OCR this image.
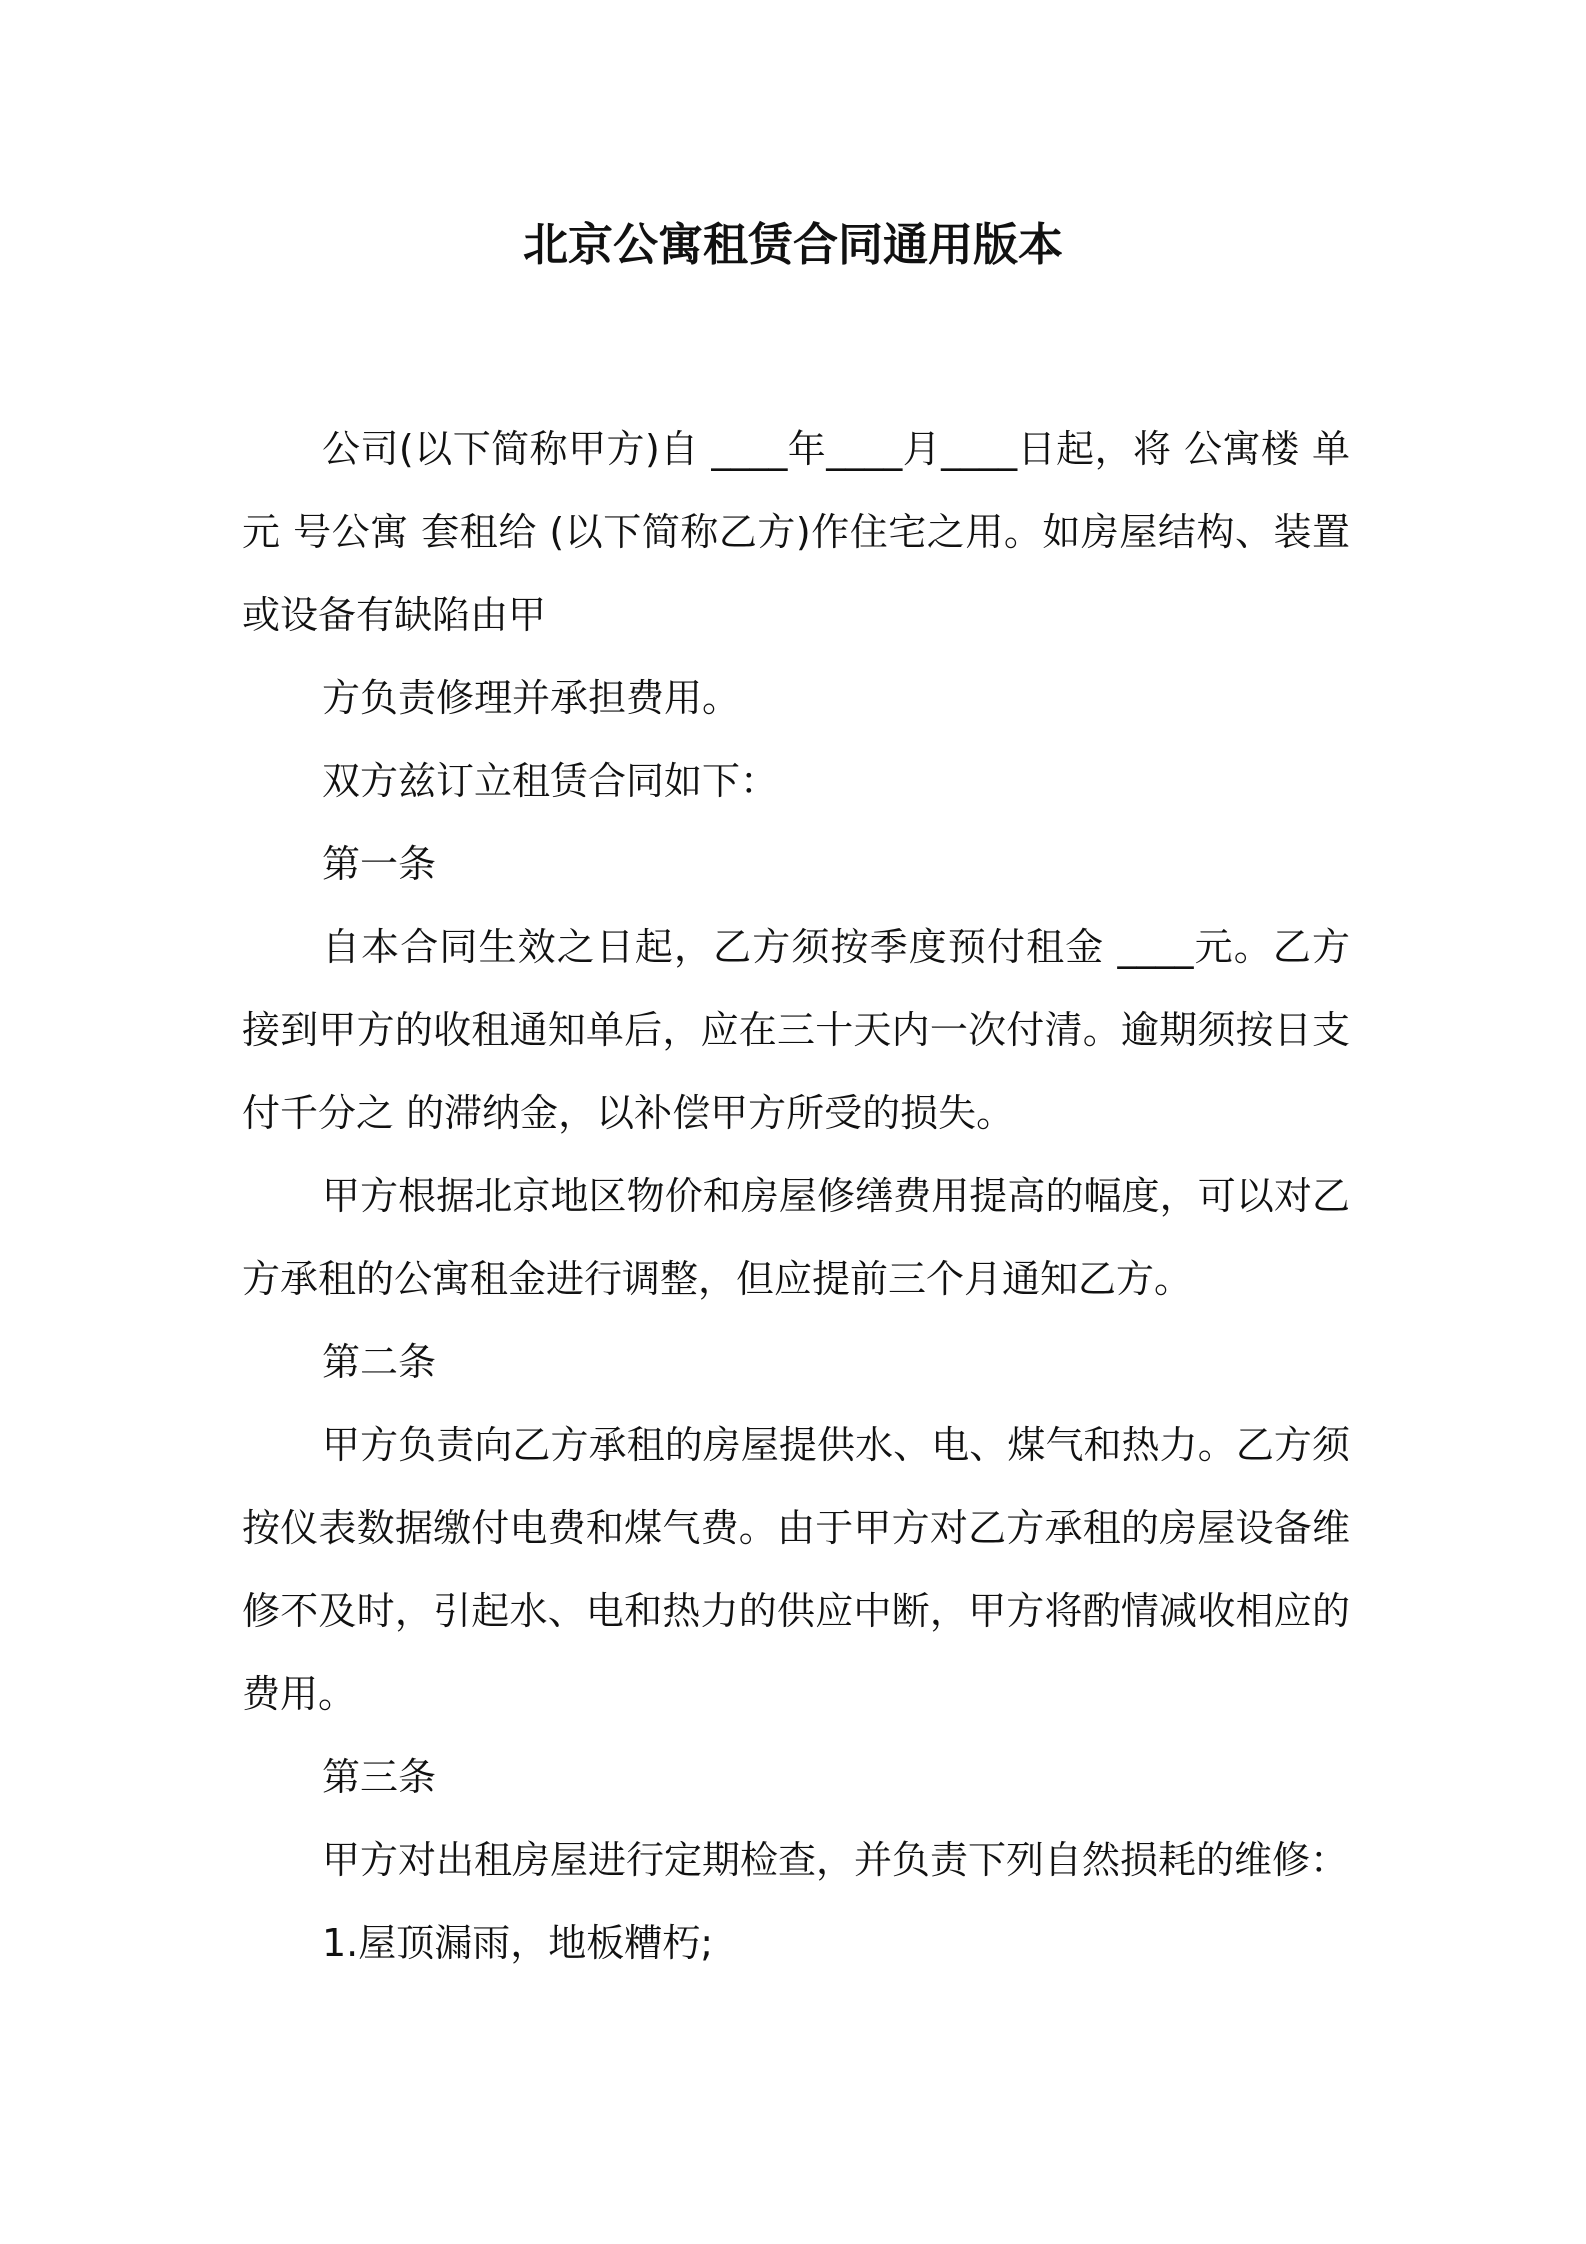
北京公寓租赁合同通用版本

公司(以下简称甲方)自 ____年____月____日起，将 公寓楼 单元 号公寓 套租给 (以下简称乙方)作住宅之用。如房屋结构、装置或设备有缺陷由甲

方负责修理并承担费用。

双方兹订立租赁合同如下：

第一条

自本合同生效之日起，乙方须按季度预付租金 ____元。乙方接到甲方的收租通知单后，应在三十天内一次付清。逾期须按日支付千分之 的滞纳金，以补偿甲方所受的损失。

甲方根据北京地区物价和房屋修缮费用提高的幅度，可以对乙方承租的公寓租金进行调整，但应提前三个月通知乙方。

第二条

甲方负责向乙方承租的房屋提供水、电、煤气和热力。乙方须按仪表数据缴付电费和煤气费。由于甲方对乙方承租的房屋设备维修不及时，引起水、电和热力的供应中断，甲方将酌情减收相应的费用。

第三条

甲方对出租房屋进行定期检查，并负责下列自然损耗的维修：

1.屋顶漏雨，地板糟朽;
